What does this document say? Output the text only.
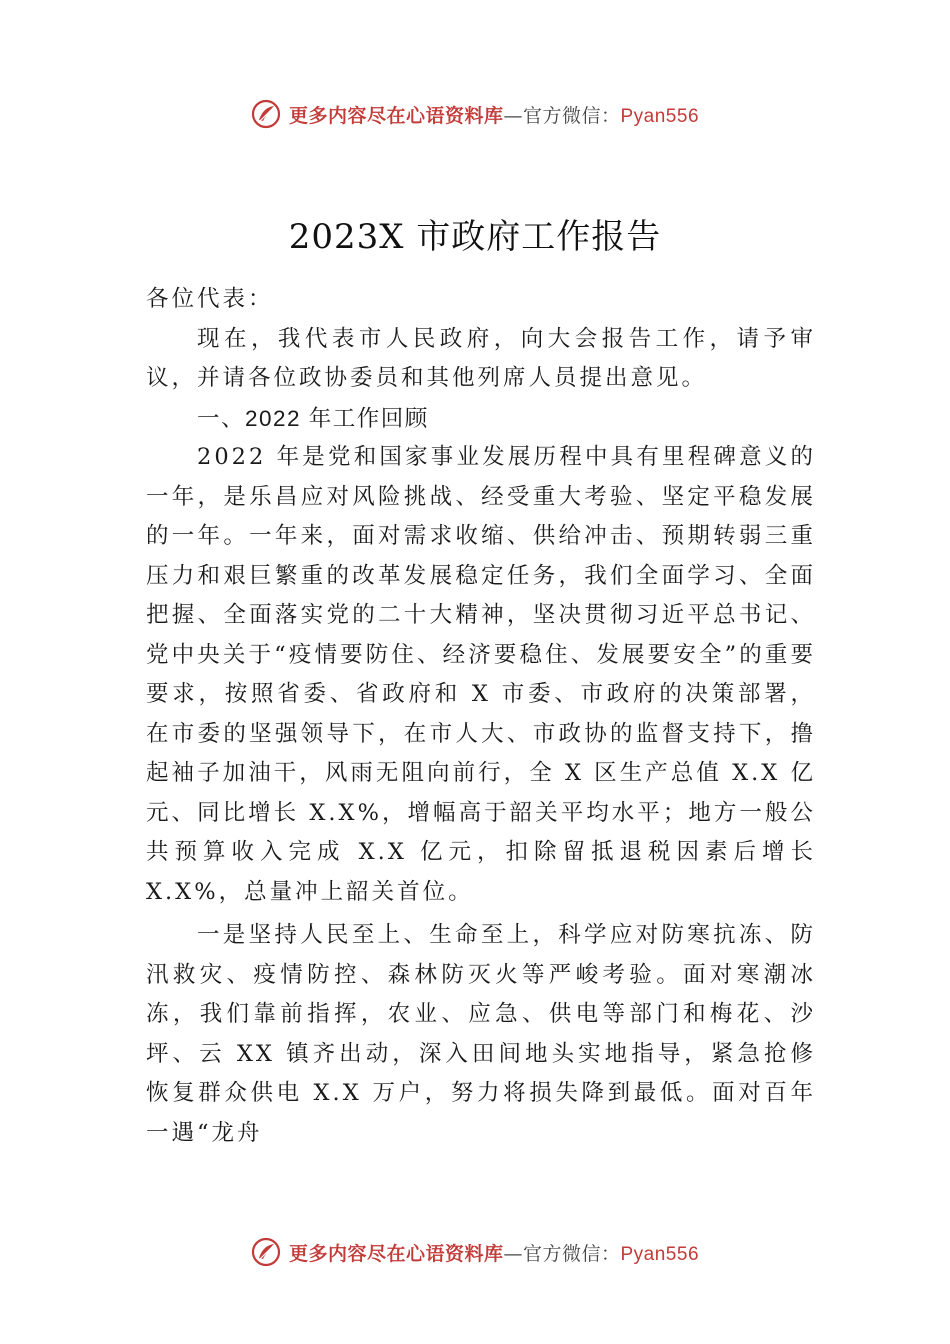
更多内容尽在心语资料库—官方微信：Pyan556
2023X 市政府工作报告

各位代表：

现在，我代表市人民政府，向大会报告工作，请予审议，并请各位政协委员和其他列席人员提出意见。

一、2022 年工作回顾

2022 年是党和国家事业发展历程中具有里程碑意义的一年，是乐昌应对风险挑战、经受重大考验、坚定平稳发展的一年。一年来，面对需求收缩、供给冲击、预期转弱三重压力和艰巨繁重的改革发展稳定任务，我们全面学习、全面把握、全面落实党的二十大精神，坚决贯彻习近平总书记、党中央关于“疫情要防住、经济要稳住、发展要安全”的重要要求，按照省委、省政府和 X 市委、市政府的决策部署，在市委的坚强领导下，在市人大、市政协的监督支持下，撸起袖子加油干，风雨无阻向前行，全 X 区生产总值 X.X 亿元、同比增长 X.X%，增幅高于韶关平均水平；地方一般公共预算收入完成 X.X 亿元，扣除留抵退税因素后增长 X.X%，总量冲上韶关首位。

一是坚持人民至上、生命至上，科学应对防寒抗冻、防汛救灾、疫情防控、森林防灭火等严峻考验。面对寒潮冰冻，我们靠前指挥，农业、应急、供电等部门和梅花、沙坪、云 XX 镇齐出动，深入田间地头实地指导，紧急抢修恢复群众供电 X.X 万户，努力将损失降到最低。面对百年一遇“龙舟

更多内容尽在心语资料库—官方微信：Pyan556
